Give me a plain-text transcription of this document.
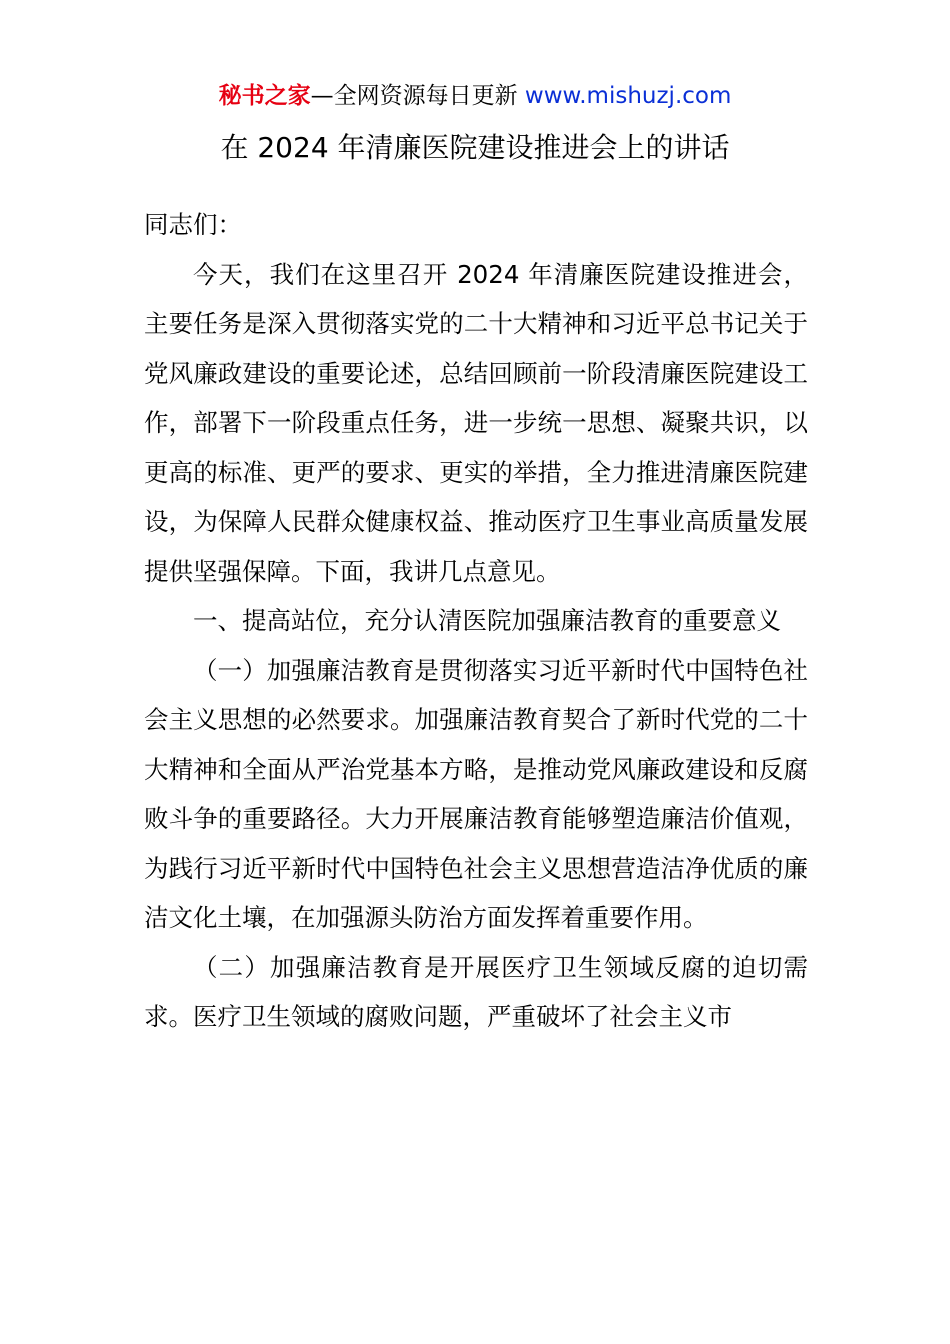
秘书之家—全网资源每日更新 www.mishuzj.com
在 2024 年清廉医院建设推进会上的讲话

同志们：

今天，我们在这里召开 2024 年清廉医院建设推进会，主要任务是深入贯彻落实党的二十大精神和习近平总书记关于党风廉政建设的重要论述，总结回顾前一阶段清廉医院建设工作，部署下一阶段重点任务，进一步统一思想、凝聚共识，以更高的标准、更严的要求、更实的举措，全力推进清廉医院建设，为保障人民群众健康权益、推动医疗卫生事业高质量发展提供坚强保障。下面，我讲几点意见。

一、提高站位，充分认清医院加强廉洁教育的重要意义

（一）加强廉洁教育是贯彻落实习近平新时代中国特色社会主义思想的必然要求。加强廉洁教育契合了新时代党的二十大精神和全面从严治党基本方略，是推动党风廉政建设和反腐败斗争的重要路径。大力开展廉洁教育能够塑造廉洁价值观，为践行习近平新时代中国特色社会主义思想营造洁净优质的廉洁文化土壤，在加强源头防治方面发挥着重要作用。

（二）加强廉洁教育是开展医疗卫生领域反腐的迫切需求。医疗卫生领域的腐败问题，严重破坏了社会主义市
